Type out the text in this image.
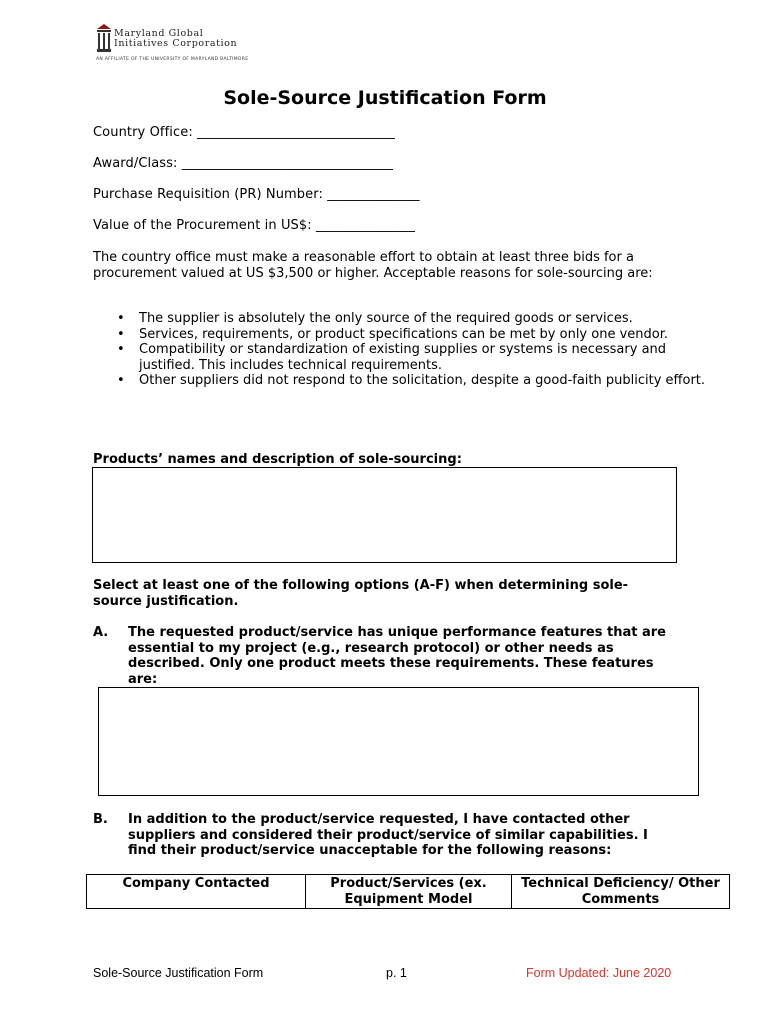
Maryland Global
Initiatives Corporation
AN AFFILIATE OF THE UNIVERSITY OF MARYLAND BALTIMORE
Sole-Source Justification Form
Country Office: ______________________________
Award/Class: ________________________________
Purchase Requisition (PR) Number: ______________
Value of the Procurement in US$: _______________
The country office must make a reasonable effort to obtain at least three bids for a procurement valued at US $3,500 or higher. Acceptable reasons for sole-sourcing are:
• The supplier is absolutely the only source of the required goods or services.
• Services, requirements, or product specifications can be met by only one vendor.
• Compatibility or standardization of existing supplies or systems is necessary and justified. This includes technical requirements.
• Other suppliers did not respond to the solicitation, despite a good-faith publicity effort.
Products’ names and description of sole-sourcing:
Select at least one of the following options (A-F) when determining sole-source justification.
A. The requested product/service has unique performance features that are essential to my project (e.g., research protocol) or other needs as described. Only one product meets these requirements. These features are:
B. In addition to the product/service requested, I have contacted other suppliers and considered their product/service of similar capabilities. I find their product/service unacceptable for the following reasons:
Company Contacted	Product/Services (ex. Equipment Model	Technical Deficiency/ Other Comments
Sole-Source Justification Form	p. 1	Form Updated: June 2020
